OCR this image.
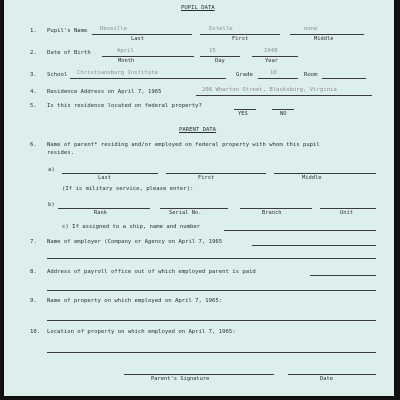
PUPIL DATA
1. Pupil's Name Reveille	Estelle	none
Last	First	Middle
2. Date of Birth	April	15	1948
Month	Day	Year
3. School Christiansburg Institute	Grade	10	Room
4. Residence Address on April 7, 1965	208 Wharton Street, Blacksburg, Virginia
5. Is this residence located on federal property?
YES	NO
PARENT DATA
6. Name of parent* residing and/or employed on federal property with whom this pupil
resides.
a)
Last	First	Middle
(If is military service, please enter):
b)
Rank	Serial No.	Branch	Unit
c) If assigned to a ship, name and number
7. Name of employer (Company or Agency on April 7, 1965
8. Address of payroll office out of which employed parent is paid
9. Name of property on which employed on April 7, 1965:
10. Location of property on which employed on April 7, 1965:
Parent's Signature	Date
